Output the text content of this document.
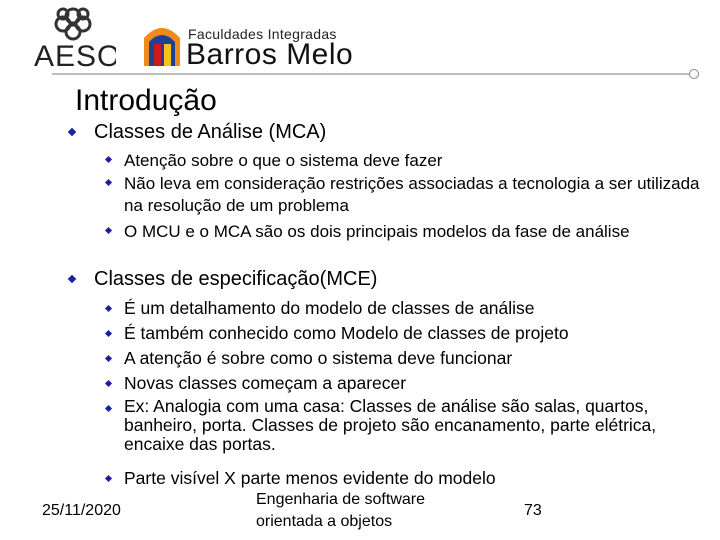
AESO
Faculdades Integradas
Barros Melo
Introdução
Classes de Análise (MCA)
Atenção sobre o que o sistema deve fazer
Não leva em consideração restrições associadas a tecnologia a ser utilizada na resolução de um problema
O MCU e o MCA são os dois principais modelos da fase de análise
Classes de especificação(MCE)
É um detalhamento do modelo de classes de análise
É também conhecido como Modelo de classes de projeto
A atenção é sobre como o sistema deve funcionar
Novas classes começam a aparecer
Ex: Analogia com uma casa: Classes de análise são salas, quartos, banheiro, porta. Classes de projeto são encanamento, parte elétrica, encaixe das portas.
Parte visível X parte menos evidente do modelo
25/11/2020
Engenharia de software orientada a objetos
73
